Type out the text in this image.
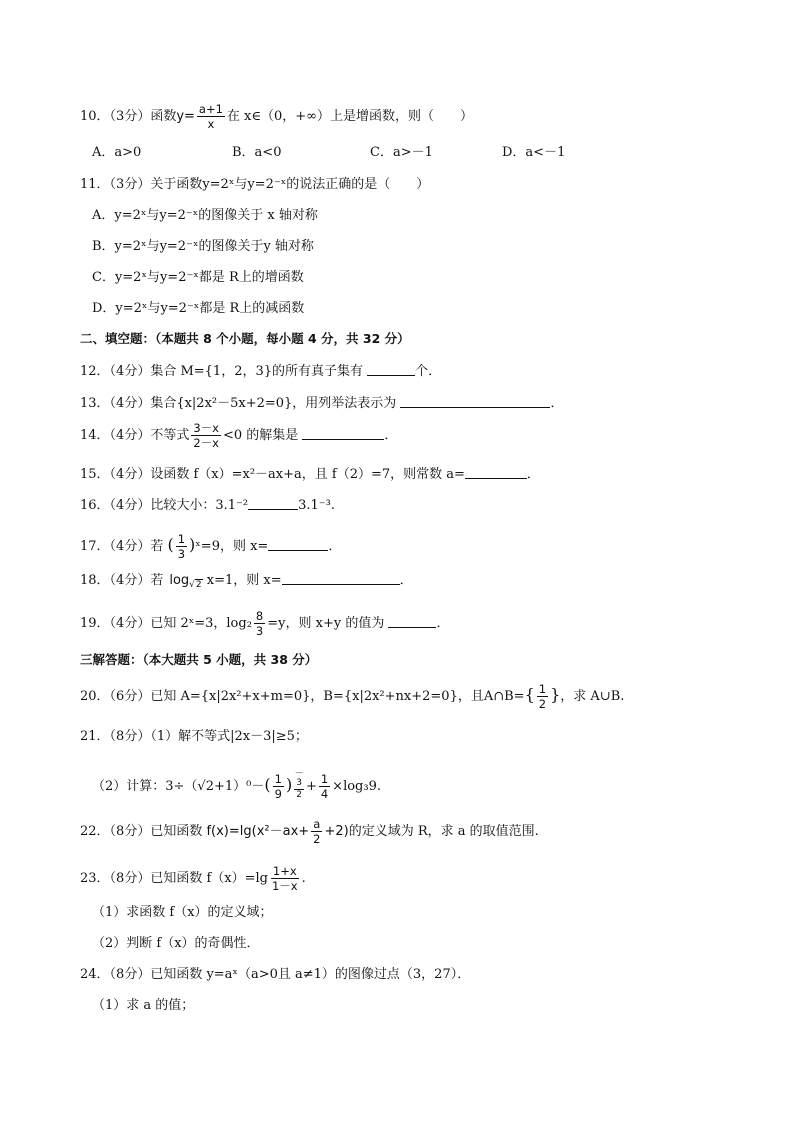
10．（3分）函数$y= \frac{a+1}{x}$ 在 x∈（0，+∞）上是增函数，则（　　）
A．a>0	B．a<0	C．a>－1	D．a<－1
11．（3分）关于函数y=2ˣ与y=2⁻ˣ的说法正确的是（　　）
A．y=2ˣ与y=2⁻ˣ的图像关于 x 轴对称
B．y=2ˣ与y=2⁻ˣ的图像关于y 轴对称
C．y=2ˣ与y=2⁻ˣ都是 R上的增函数
D．y=2ˣ与y=2⁻ˣ都是 R上的减函数
二、填空题：（本题共 8 个小题，每小题 4 分，共 32 分）
12．（4分）集合 M={1，2，3}的所有真子集有	个．
13．（4分）集合{x|2x²－5x+2=0}，用列举法表示为	．
14．（4分）不等式 $\frac{3-x}{2-x} <0$ 的解集是	．
15．（4分）设函数 f（x）=x²－ax+a，且 f（2）=7，则常数 a=	．
16．（4分）比较大小：3.1⁻²	3.1⁻³.
17．（4分）若 ( $\frac{1}{3}$ )ˣ=9，则 x=	．
18．（4分）若 $\log_{√2} x=1$，则 x=	．
19．（4分）已知 2ˣ=3，$\log_2 \frac{8}{3} =y$，则 x+y 的值为	．
三解答题：（本大题共 5 小题，共 38 分）
20．（6分）已知 A={x|2x²+x+m=0}，B={x|2x²+nx+2=0}，且A∩B={ $\frac{1}{2}$ }，求 A∪B.
21．（8分）（1）解不等式|2x－3|≥5；
（2）计算：$3\div(√2+1)^0-( \frac{1}{9}$ )－
3
2
+ $\frac{1}{4} \times\log_39$.
22．（8分）已知函数 $f(x)=\lg(x^2-ax+ \frac{a}{2} +2)$的定义域为 R，求 a 的取值范围.
23．（8分）已知函数 $f(x)=\lg \frac{1+x}{1-x}$ .
（1）求函数 f（x）的定义域；
（2）判断 f（x）的奇偶性．
24．（8分）已知函数 y=aˣ（a>0且 a≠1）的图像过点（3，27）．
（1）求 a 的值；
